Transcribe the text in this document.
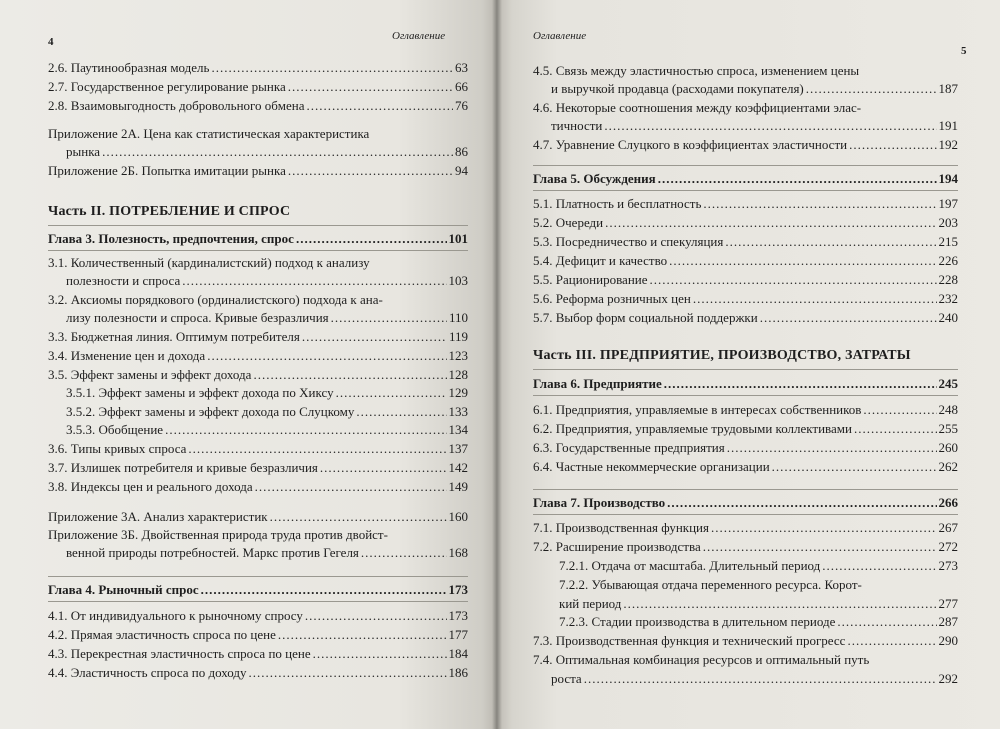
4	Оглавление
2.6. Паутинообразная модель .....	63
2.7. Государственное регулирование рынка .....	66
2.8. Взаимовыгодность добровольного обмена .....	76
Приложение 2А. Цена как статистическая характеристика
рынка .....	86
Приложение 2Б. Попытка имитации рынка .....	94
Часть II. ПОТРЕБЛЕНИЕ И СПРОС
Глава 3. Полезность, предпочтения, спрос .....	101
3.1. Количественный (кардиналистский) подход к анализу
полезности и спроса .....	103
3.2. Аксиомы порядкового (ординалистского) подхода к ана-
лизу полезности и спроса. Кривые безразличия .....	110
3.3. Бюджетная линия. Оптимум потребителя .....	119
3.4. Изменение цен и дохода .....	123
3.5. Эффект замены и эффект дохода .....	128
3.5.1. Эффект замены и эффект дохода по Хиксу .....	129
3.5.2. Эффект замены и эффект дохода по Слуцкому .....	133
3.5.3. Обобщение .....	134
3.6. Типы кривых спроса .....	137
3.7. Излишек потребителя и кривые безразличия .....	142
3.8. Индексы цен и реального дохода .....	149
Приложение 3А. Анализ характеристик .....	160
Приложение 3Б. Двойственная природа труда против двойст-
венной природы потребностей. Маркс против Гегеля .....	168
Глава 4. Рыночный спрос .....	173
4.1. От индивидуального к рыночному спросу .....	173
4.2. Прямая эластичность спроса по цене .....	177
4.3. Перекрестная эластичность спроса по цене .....	184
4.4. Эластичность спроса по доходу .....	186
Оглавление
5
4.5. Связь между эластичностью спроса, изменением цены
и выручкой продавца (расходами покупателя) .....	187
4.6. Некоторые соотношения между коэффициентами элас-
тичности .....	191
4.7. Уравнение Слуцкого в коэффициентах эластичности .....	192
Глава 5. Обсуждения .....	194
5.1. Платность и бесплатность .....	197
5.2. Очереди .....	203
5.3. Посредничество и спекуляция .....	215
5.4. Дефицит и качество .....	226
5.5. Рационирование .....	228
5.6. Реформа розничных цен .....	232
5.7. Выбор форм социальной поддержки .....	240
Часть III. ПРЕДПРИЯТИЕ, ПРОИЗВОДСТВО, ЗАТРАТЫ
Глава 6. Предприятие .....	245
6.1. Предприятия, управляемые в интересах собственников .....	248
6.2. Предприятия, управляемые трудовыми коллективами .....	255
6.3. Государственные предприятия .....	260
6.4. Частные некоммерческие организации .....	262
Глава 7. Производство .....	266
7.1. Производственная функция .....	267
7.2. Расширение производства .....	272
7.2.1. Отдача от масштаба. Длительный период .....	273
7.2.2. Убывающая отдача переменного ресурса. Корот-
кий период .....	277
7.2.3. Стадии производства в длительном периоде .....	287
7.3. Производственная функция и технический прогресс .....	290
7.4. Оптимальная комбинация ресурсов и оптимальный путь
роста .....	292
